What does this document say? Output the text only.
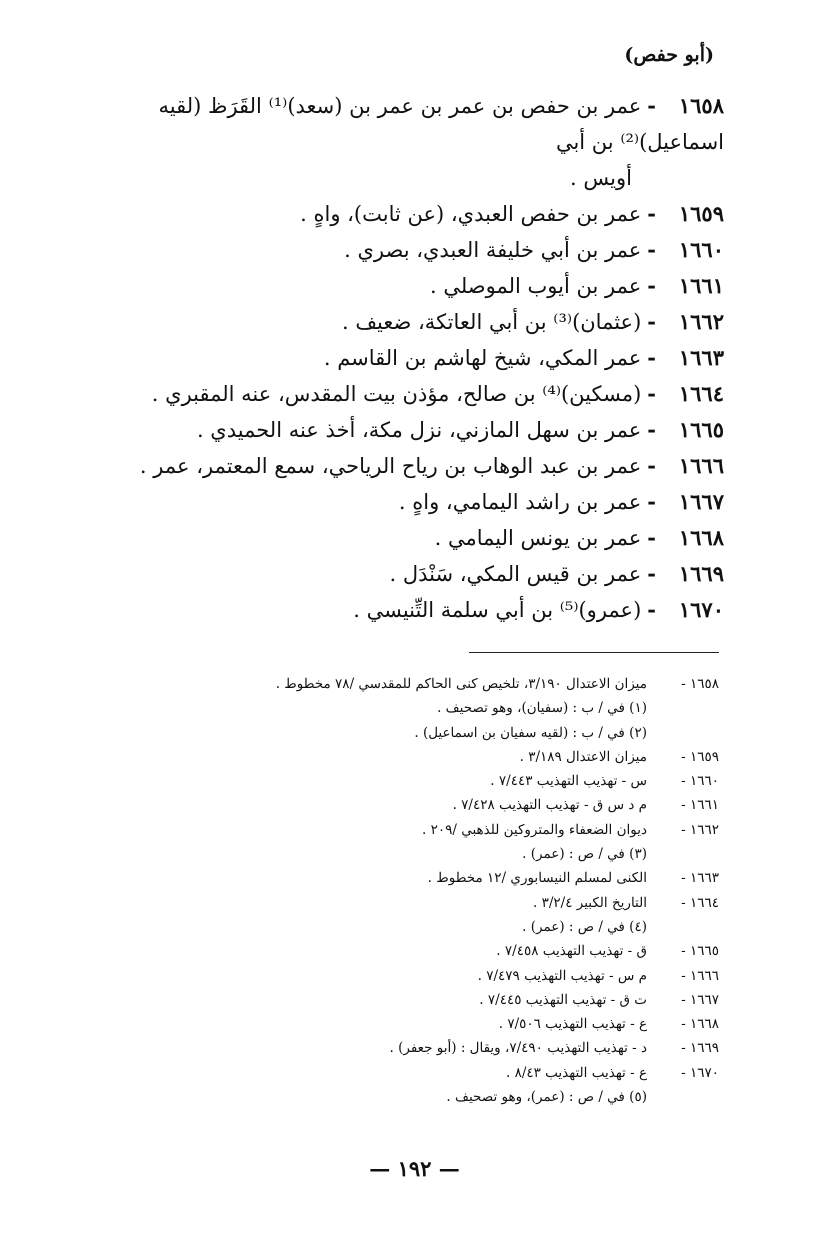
(أبو حفص)
١٦٥٨-عمر بن حفص بن عمر بن عمر بن (سعد)⁽¹⁾ القَرَظ (لقيه اسماعيل)⁽²⁾ بن أبي
أويس .
١٦٥٩-عمر بن حفص العبدي، (عن ثابت)، واهٍ .
١٦٦٠-عمر بن أبي خليفة العبدي، بصري .
١٦٦١-عمر بن أيوب الموصلي .
١٦٦٢-(عثمان)⁽³⁾ بن أبي العاتكة، ضعيف .
١٦٦٣-عمر المكي، شيخ لهاشم بن القاسم .
١٦٦٤-(مسكين)⁽⁴⁾ بن صالح، مؤذن بيت المقدس، عنه المقبري .
١٦٦٥-عمر بن سهل المازني، نزل مكة، أخذ عنه الحميدي .
١٦٦٦-عمر بن عبد الوهاب بن رياح الرياحي، سمع المعتمر، عمر .
١٦٦٧-عمر بن راشد اليمامي، واهٍ .
١٦٦٨-عمر بن يونس اليمامي .
١٦٦٩-عمر بن قيس المكي، سَنْدَل .
١٦٧٠-(عمرو)⁽⁵⁾ بن أبي سلمة التِّنيسي .
١٦٥٨ -
ميزان الاعتدال ٣/١٩٠، تلخيص كنى الحاكم للمقدسي /٧٨ مخطوط .
(١) في / ب : (سفيان)، وهو تصحيف .
(٢) في / ب : (لقيه سفيان بن اسماعيل) .
١٦٥٩ -
ميزان الاعتدال ٣/١٨٩ .
١٦٦٠ -
س - تهذيب التهذيب ٧/٤٤٣ .
١٦٦١ -
م د س ق - تهذيب التهذيب ٧/٤٢٨ .
١٦٦٢ -
ديوان الضعفاء والمتروكين للذهبي /٢٠٩ .
(٣) في / ص : (عمر) .
١٦٦٣ -
الكنى لمسلم النيسابوري /١٢ مخطوط .
١٦٦٤ -
التاريخ الكبير ٣/٢/٤ .
(٤) في / ص : (عمر) .
١٦٦٥ -
ق - تهذيب التهذيب ٧/٤٥٨ .
١٦٦٦ -
م س - تهذيب التهذيب ٧/٤٧٩ .
١٦٦٧ -
ت ق - تهذيب التهذيب ٧/٤٤٥ .
١٦٦٨ -
ع - تهذيب التهذيب ٧/٥٠٦ .
١٦٦٩ -
د - تهذيب التهذيب ٧/٤٩٠، ويقال : (أبو جعفر) .
١٦٧٠ -
ع - تهذيب التهذيب ٨/٤٣ .
(٥) في / ص : (عمر)، وهو تصحيف .
— ١٩٢ —
